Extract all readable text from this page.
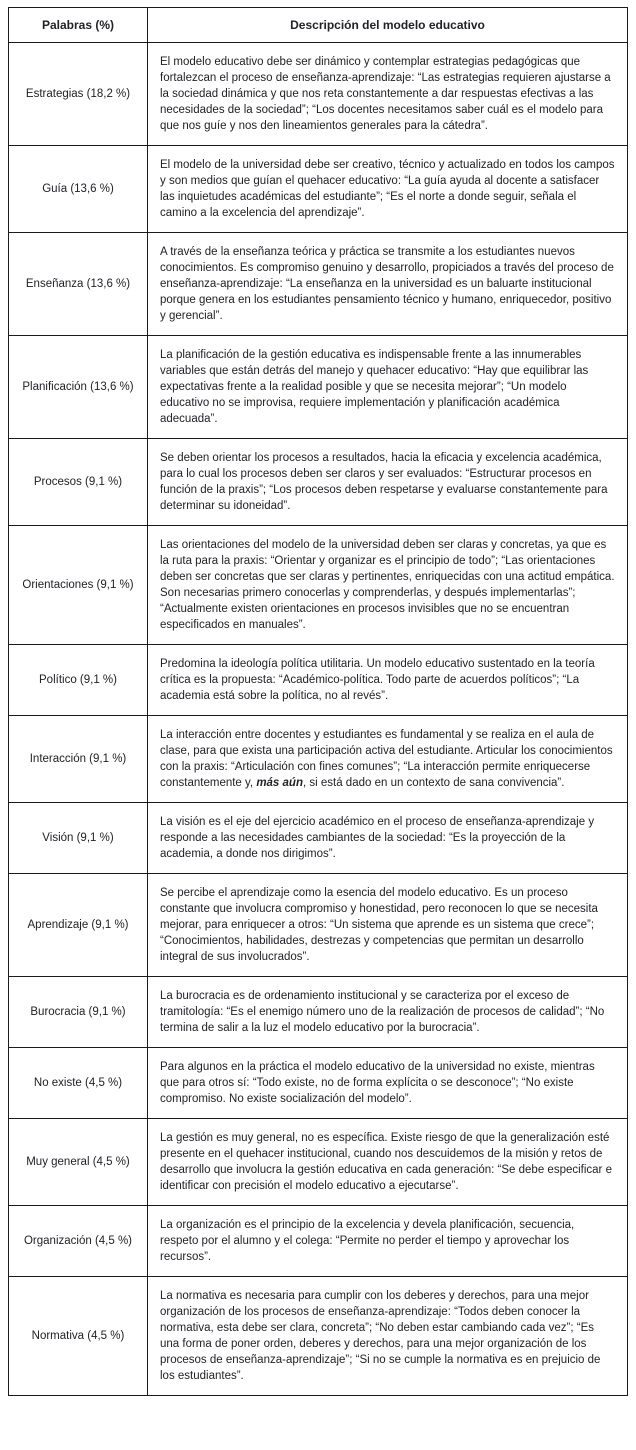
Palabras (%)	Descripción del modelo educativo
Estrategias (18,2 %)	El modelo educativo debe ser dinámico y contemplar estrategias pedagógicas que fortalezcan el proceso de enseñanza-aprendizaje: “Las estrategias requieren ajustarse a la sociedad dinámica y que nos reta constantemente a dar respuestas efectivas a las necesidades de la sociedad”; “Los docentes necesitamos saber cuál es el modelo para que nos guíe y nos den lineamientos generales para la cátedra”.
Guía (13,6 %)	El modelo de la universidad debe ser creativo, técnico y actualizado en todos los campos y son medios que guían el quehacer educativo: “La guía ayuda al docente a satisfacer las inquietudes académicas del estudiante”; “Es el norte a donde seguir, señala el camino a la excelencia del aprendizaje”.
Enseñanza (13,6 %)	A través de la enseñanza teórica y práctica se transmite a los estudiantes nuevos conocimientos. Es compromiso genuino y desarrollo, propiciados a través del proceso de enseñanza-aprendizaje: “La enseñanza en la universidad es un baluarte institucional porque genera en los estudiantes pensamiento técnico y humano, enriquecedor, positivo y gerencial”.
Planificación (13,6 %)	La planificación de la gestión educativa es indispensable frente a las innumerables variables que están detrás del manejo y quehacer educativo: “Hay que equilibrar las expectativas frente a la realidad posible y que se necesita mejorar”; “Un modelo educativo no se improvisa, requiere implementación y planificación académica adecuada”.
Procesos (9,1 %)	Se deben orientar los procesos a resultados, hacia la eficacia y excelencia académica, para lo cual los procesos deben ser claros y ser evaluados: “Estructurar procesos en función de la praxis”; “Los procesos deben respetarse y evaluarse constantemente para determinar su idoneidad”.
Orientaciones (9,1 %)	Las orientaciones del modelo de la universidad deben ser claras y concretas, ya que es la ruta para la praxis: “Orientar y organizar es el principio de todo”; “Las orientaciones deben ser concretas que ser claras y pertinentes, enriquecidas con una actitud empática. Son necesarias primero conocerlas y comprenderlas, y después implementarlas”; “Actualmente existen orientaciones en procesos invisibles que no se encuentran especificados en manuales”.
Político (9,1 %)	Predomina la ideología política utilitaria. Un modelo educativo sustentado en la teoría crítica es la propuesta: “Académico-política. Todo parte de acuerdos políticos”; “La academia está sobre la política, no al revés”.
Interacción (9,1 %)	La interacción entre docentes y estudiantes es fundamental y se realiza en el aula de clase, para que exista una participación activa del estudiante. Articular los conocimientos con la praxis: “Articulación con fines comunes”; “La interacción permite enriquecerse constantemente y, más aún, si está dado en un contexto de sana convivencia”.
Visión (9,1 %)	La visión es el eje del ejercicio académico en el proceso de enseñanza-aprendizaje y responde a las necesidades cambiantes de la sociedad: “Es la proyección de la academia, a donde nos dirigimos”.
Aprendizaje (9,1 %)	Se percibe el aprendizaje como la esencia del modelo educativo. Es un proceso constante que involucra compromiso y honestidad, pero reconocen lo que se necesita mejorar, para enriquecer a otros: “Un sistema que aprende es un sistema que crece”; “Conocimientos, habilidades, destrezas y competencias que permitan un desarrollo integral de sus involucrados”.
Burocracia (9,1 %)	La burocracia es de ordenamiento institucional y se caracteriza por el exceso de tramitología: “Es el enemigo número uno de la realización de procesos de calidad”; “No termina de salir a la luz el modelo educativo por la burocracia”.
No existe (4,5 %)	Para algunos en la práctica el modelo educativo de la universidad no existe, mientras que para otros sí: “Todo existe, no de forma explícita o se desconoce”; “No existe compromiso. No existe socialización del modelo”.
Muy general (4,5 %)	La gestión es muy general, no es específica. Existe riesgo de que la generalización esté presente en el quehacer institucional, cuando nos descuidemos de la misión y retos de desarrollo que involucra la gestión educativa en cada generación: “Se debe especificar e identificar con precisión el modelo educativo a ejecutarse”.
Organización (4,5 %)	La organización es el principio de la excelencia y devela planificación, secuencia, respeto por el alumno y el colega: “Permite no perder el tiempo y aprovechar los recursos”.
Normativa (4,5 %)	La normativa es necesaria para cumplir con los deberes y derechos, para una mejor organización de los procesos de enseñanza-aprendizaje: “Todos deben conocer la normativa, esta debe ser clara, concreta”; “No deben estar cambiando cada vez”; “Es una forma de poner orden, deberes y derechos, para una mejor organización de los procesos de enseñanza-aprendizaje”; “Si no se cumple la normativa es en prejuicio de los estudiantes”.
